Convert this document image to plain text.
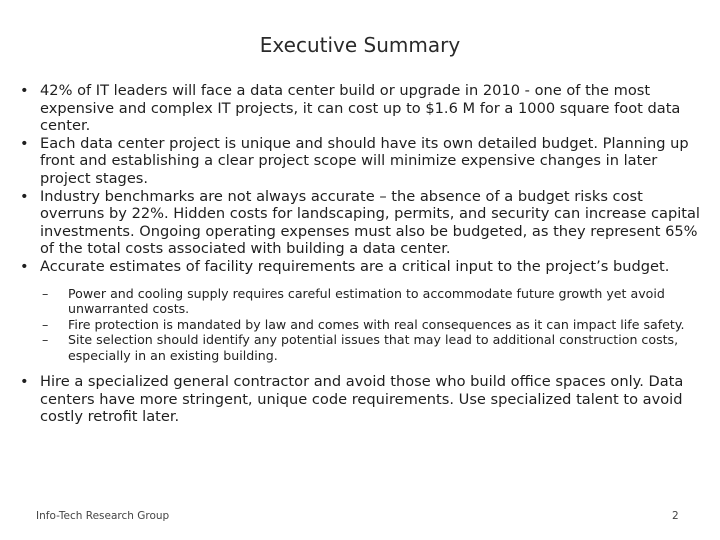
Executive Summary
• 42% of IT leaders will face a data center build or upgrade in 2010 - one of the most expensive and complex IT projects, it can cost up to $1.6 M for a 1000 square foot data center.
• Each data center project is unique and should have its own detailed budget. Planning up front and establishing a clear project scope will minimize expensive changes in later project stages.
• Industry benchmarks are not always accurate – the absence of a budget risks cost overruns by 22%. Hidden costs for landscaping, permits, and security can increase capital investments. Ongoing operating expenses must also be budgeted, as they represent 65% of the total costs associated with building a data center.
• Accurate estimates of facility requirements are a critical input to the project’s budget.
– Power and cooling supply requires careful estimation to accommodate future growth yet avoid unwarranted costs.
– Fire protection is mandated by law and comes with real consequences as it can impact life safety.
– Site selection should identify any potential issues that may lead to additional construction costs, especially in an existing building.
• Hire a specialized general contractor and avoid those who build office spaces only. Data centers have more stringent, unique code requirements. Use specialized talent to avoid costly retrofit later.
Info-Tech Research Group	2
